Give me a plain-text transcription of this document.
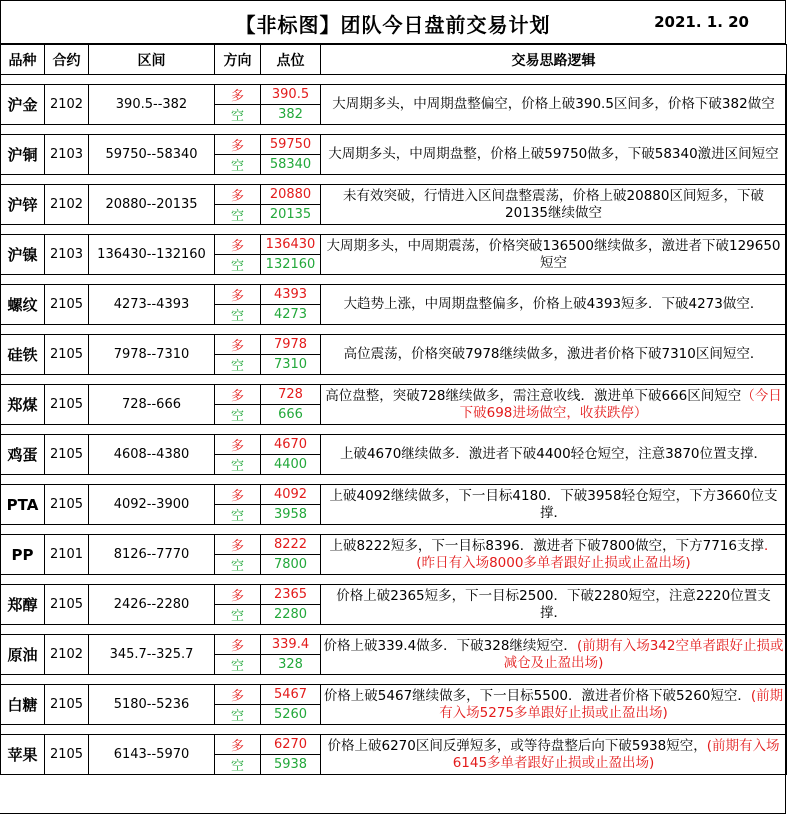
【非标图】团队今日盘前交易计划	2021. 1. 20
品种	合约	区间	方向	点位	交易思路逻辑

沪金	2102	390.5--382	多	390.5	大周期多头，中周期盘整偏空，价格上破390.5区间多，价格下破382做空
			空	382	

沪铜	2103	59750--58340	多	59750	大周期多头，中周期盘整，价格上破59750做多，下破58340激进区间短空
			空	58340	

沪锌	2102	20880--20135	多	20880	未有效突破，行情进入区间盘整震荡，价格上破20880区间短多，下破20135继续做空
			空	20135	

沪镍	2103	136430--132160	多	136430	大周期多头，中周期震荡，价格突破136500继续做多，激进者下破129650短空
			空	132160	

螺纹	2105	4273--4393	多	4393	大趋势上涨，中周期盘整偏多，价格上破4393短多．下破4273做空．
			空	4273	

硅铁	2105	7978--7310	多	7978	高位震荡，价格突破7978继续做多，激进者价格下破7310区间短空．
			空	7310	

郑煤	2105	728--666	多	728	高位盘整，突破728继续做多，需注意收线．激进单下破666区间短空（今日下破698进场做空，收获跌停）
			空	666	

鸡蛋	2105	4608--4380	多	4670	上破4670继续做多．激进者下破4400轻仓短空，注意3870位置支撑．
			空	4400	

PTA	2105	4092--3900	多	4092	上破4092继续做多，下一目标4180．下破3958轻仓短空，下方3660位支撑．
			空	3958	

PP	2101	8126--7770	多	8222	上破8222短多，下一目标8396．激进者下破7800做空，下方7716支撑．(昨日有入场8000多单者跟好止损或止盈出场)
			空	7800	

郑醇	2105	2426--2280	多	2365	价格上破2365短多，下一目标2500．下破2280短空，注意2220位置支撑．
			空	2280	

原油	2102	345.7--325.7	多	339.4	价格上破339.4做多．下破328继续短空．(前期有入场342空单者跟好止损或减仓及止盈出场)
			空	328	

白糖	2105	5180--5236	多	5467	价格上破5467继续做多，下一目标5500．激进者价格下破5260短空．(前期有入场5275多单跟好止损或止盈出场)
			空	5260	

苹果	2105	6143--5970	多	6270	价格上破6270区间反弹短多，或等待盘整后向下破5938短空，(前期有入场6145多单者跟好止损或止盈出场)
			空	5938	
